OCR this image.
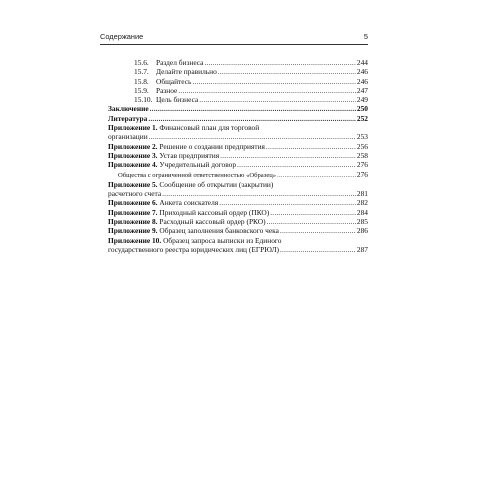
Содержание	5
15.6. Раздел бизнеса .....	244
15.7. Делайте правильно .....	246
15.8. Общайтесь .....	246
15.9. Разное .....	247
15.10. Цель бизнеса .....	249
Заключение .....	250
Литература .....	252
Приложение 1. Финансовый план для торговой
организации .....	253
Приложение 2. Решение о создании предприятия .....	256
Приложение 3. Устав предприятия .....	258
Приложение 4. Учредительный договор .....	276
Общества с ограниченной ответственностью «Образец» .....	276
Приложение 5. Сообщение об открытии (закрытии)
расчетного счета .....	281
Приложение 6. Анкета соискателя .....	282
Приложение 7. Приходный кассовый ордер (ПКО) .....	284
Приложение 8. Расходный кассовый ордер (РКО) .....	285
Приложение 9. Образец заполнения банковского чека .....	286
Приложение 10. Образец запроса выписки из Единого
государственного реестра юридических лиц (ЕГРЮЛ) .....	287
